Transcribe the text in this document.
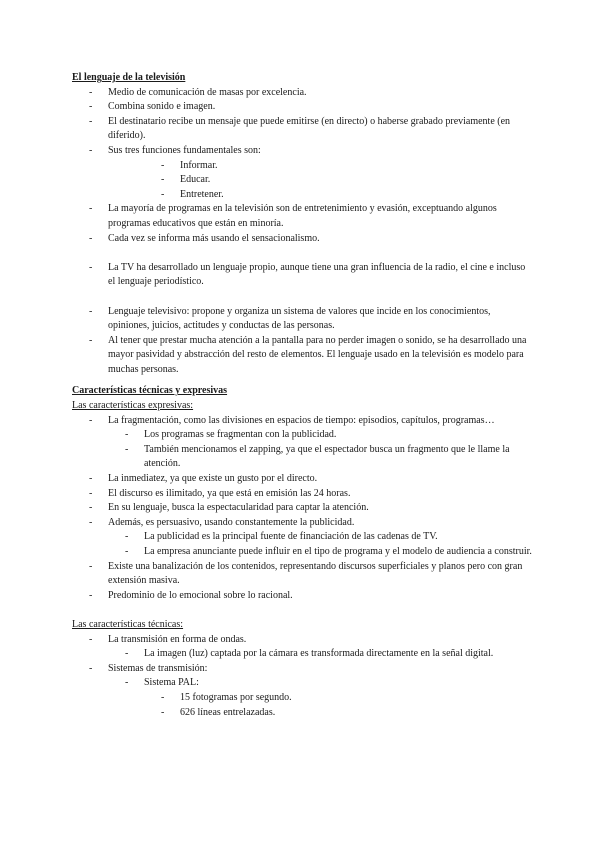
El lenguaje de la televisión
- Medio de comunicación de masas por excelencia.
- Combina sonido e imagen.
- El destinatario recibe un mensaje que puede emitirse (en directo) o haberse grabado previamente (en diferido).
- Sus tres funciones fundamentales son:
- Informar.
- Educar.
- Entretener.
- La mayoría de programas en la televisión son de entretenimiento y evasión, exceptuando algunos programas educativos que están en minoría.
- Cada vez se informa más usando el sensacionalismo.
- La TV ha desarrollado un lenguaje propio, aunque tiene una gran influencia de la radio, el cine e incluso el lenguaje periodístico.
- Lenguaje televisivo: propone y organiza un sistema de valores que incide en los conocimientos, opiniones, juicios, actitudes y conductas de las personas.
- Al tener que prestar mucha atención a la pantalla para no perder imagen o sonido, se ha desarrollado una mayor pasividad y abstracción del resto de elementos. El lenguaje usado en la televisión es modelo para muchas personas.
Características técnicas y expresivas
Las características expresivas:
- La fragmentación, como las divisiones en espacios de tiempo: episodios, capítulos, programas…
- Los programas se fragmentan con la publicidad.
- También mencionamos el zapping, ya que el espectador busca un fragmento que le llame la atención.
- La inmediatez, ya que existe un gusto por el directo.
- El discurso es ilimitado, ya que está en emisión las 24 horas.
- En su lenguaje, busca la espectacularidad para captar la atención.
- Además, es persuasivo, usando constantemente la publicidad.
- La publicidad es la principal fuente de financiación de las cadenas de TV.
- La empresa anunciante puede influir en el tipo de programa y el modelo de audiencia a construir.
- Existe una banalización de los contenidos, representando discursos superficiales y planos pero con gran extensión masiva.
- Predominio de lo emocional sobre lo racional.
Las características técnicas:
- La transmisión en forma de ondas.
- La imagen (luz) captada por la cámara es transformada directamente en la señal digital.
- Sistemas de transmisión:
- Sistema PAL:
- 15 fotogramas por segundo.
- 626 líneas entrelazadas.
